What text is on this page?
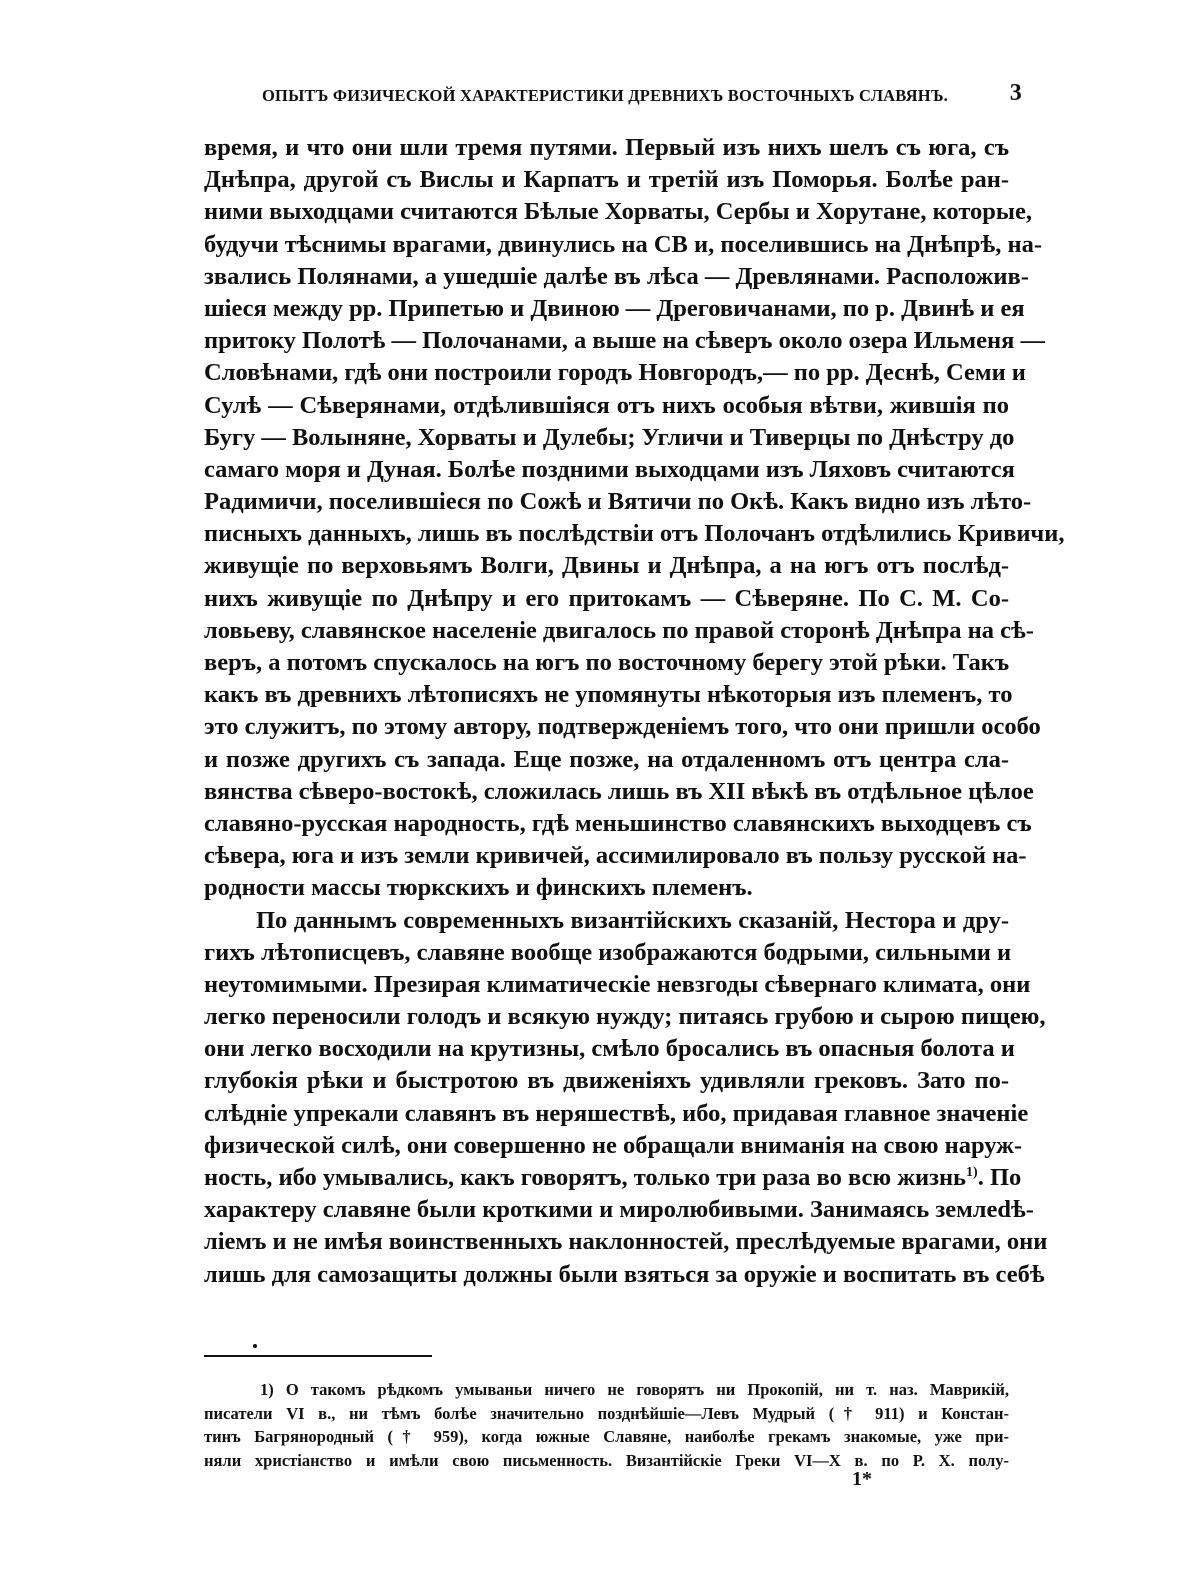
ОПЫТЪ ФИЗИЧЕСКОЙ ХАРАКТЕРИСТИКИ ДРЕВНИХЪ ВОСТОЧНЫХЪ СЛАВЯНЪ.	3
время, и что они шли тремя путями. Первый изъ нихъ шелъ съ юга, съ
Днѣпра, другой съ Вислы и Карпатъ и третій изъ Поморья. Болѣе ран-
ними выходцами считаются Бѣлые Хорваты, Сербы и Хорутане, которые,
будучи тѣснимы врагами, двинулись на СВ и, поселившись на Днѣпрѣ, на-
звались Полянами, а ушедшіе далѣе въ лѣса — Древлянами. Расположив-
шіеся между рр. Припетью и Двиною — Дреговичанами, по р. Двинѣ и ея
притоку Полотѣ — Полочанами, а выше на сѣверъ около озера Ильменя —
Словѣнами, гдѣ они построили городъ Новгородъ,— по рр. Деснѣ, Семи и
Сулѣ — Сѣверянами, отдѣлившіяся отъ нихъ особыя вѣтви, жившія по
Бугу — Волыняне, Хорваты и Дулебы; Угличи и Тиверцы по Днѣстру до
самаго моря и Дуная. Болѣе поздними выходцами изъ Ляховъ считаются
Радимичи, поселившіеся по Сожѣ и Вятичи по Окѣ. Какъ видно изъ лѣто-
писныхъ данныхъ, лишь въ послѣдствіи отъ Полочанъ отдѣлились Кривичи,
живущіе по верховьямъ Волги, Двины и Днѣпра, а на югъ отъ послѣд-
нихъ живущіе по Днѣпру и его притокамъ — Сѣверяне. По С. М. Со-
ловьеву, славянское населеніе двигалось по правой сторонѣ Днѣпра на сѣ-
веръ, а потомъ спускалось на югъ по восточному берегу этой рѣки. Такъ
какъ въ древнихъ лѣтописяхъ не упомянуты нѣкоторыя изъ племенъ, то
это служитъ, по этому автору, подтвержденіемъ того, что они пришли особо
и позже другихъ съ запада. Еще позже, на отдаленномъ отъ центра сла-
вянства сѣверо-востокѣ, сложилась лишь въ XII вѣкѣ въ отдѣльное цѣлое
славяно-русская народность, гдѣ меньшинство славянскихъ выходцевъ съ
сѣвера, юга и изъ земли кривичей, ассимилировало въ пользу русской на-
родности массы тюркскихъ и финскихъ племенъ.
По даннымъ современныхъ византійскихъ сказаній, Нестора и дру-
гихъ лѣтописцевъ, славяне вообще изображаются бодрыми, сильными и
неутомимыми. Презирая климатическіе невзгоды сѣвернаго климата, они
легко переносили голодъ и всякую нужду; питаясь грубою и сырою пищею,
они легко восходили на крутизны, смѣло бросались въ опасныя болота и
глубокія рѣки и быстротою въ движеніяхъ удивляли грековъ. Зато по-
слѣдніе упрекали славянъ въ неряшествѣ, ибо, придавая главное значеніе
физической силѣ, они совершенно не обращали вниманія на свою наруж-
ность, ибо умывались, какъ говорятъ, только три раза во всю жизнь$^{1)}$. По
характеру славяне были кроткими и миролюбивыми. Занимаясь землedѣ-
ліемъ и не имѣя воинственныхъ наклонностей, преслѣдуемые врагами, они
лишь для самозащиты должны были взяться за оружіе и воспитать въ себѣ
1) О такомъ рѣдкомъ умываньи ничего не говорятъ ни Прокопій, ни т. наз. Маврикій,
писатели VI в., ни тѣмъ болѣе значительно позднѣйшіе—Левъ Мудрый († 911) и Констан-
тинъ Багрянородный († 959), когда южные Славяне, наиболѣе грекамъ знакомые, уже при-
няли христіанство и имѣли свою письменность. Византійскіе Греки VI—X в. по Р. Х. полу-
1*
